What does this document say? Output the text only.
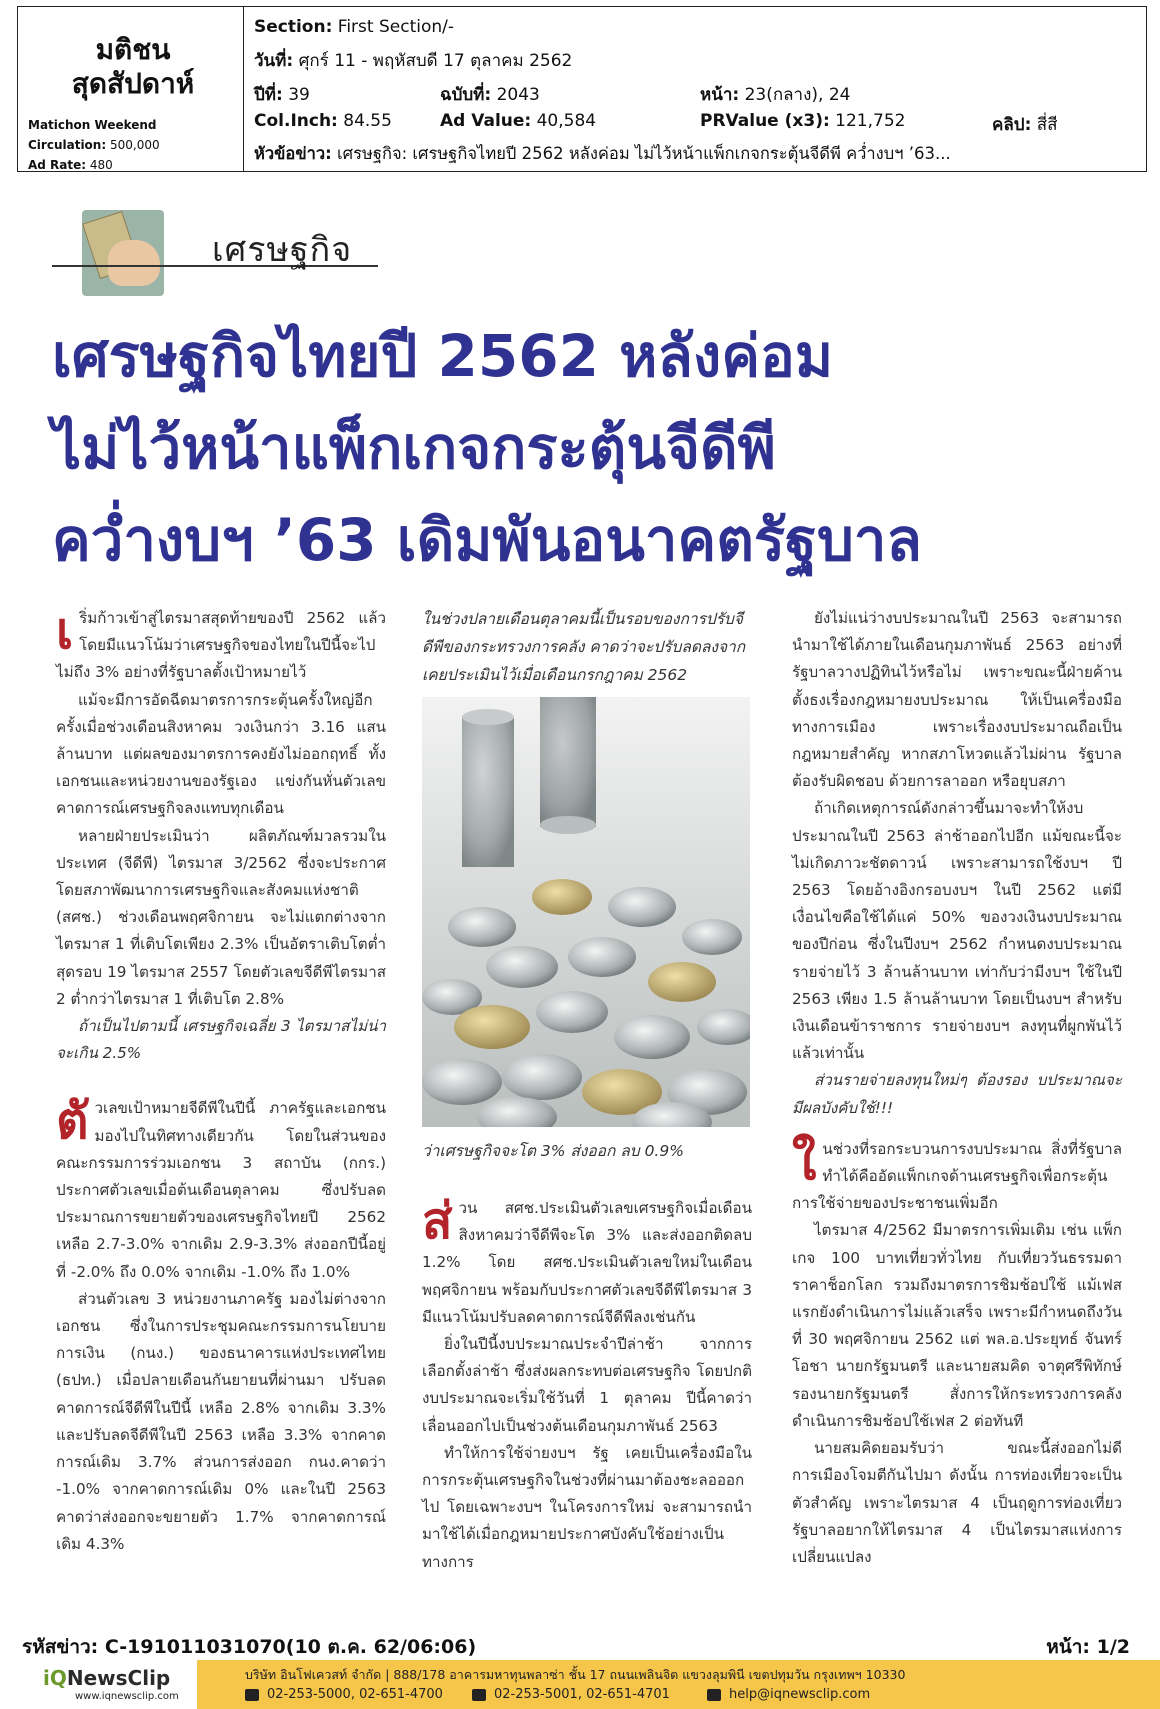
มติชน
สุดสัปดาห์
Matichon Weekend
Circulation: 500,000
Ad Rate: 480
Section: First Section/-
วันที่: ศุกร์ 11 - พฤหัสบดี 17 ตุลาคม 2562
ปีที่: 39	ฉบับที่: 2043	หน้า: 23(กลาง), 24
Col.Inch: 84.55	Ad Value: 40,584	PRValue (x3): 121,752	คลิป: สี่สี
หัวข้อข่าว: เศรษฐกิจ: เศรษฐกิจไทยปี 2562 หลังค่อม ไม่ไว้หน้าแพ็กเกจกระตุ้นจีดีพี คว่ำงบฯ ’63...
เศรษฐกิจ
เศรษฐกิจไทยปี 2562 หลังค่อม
ไม่ไว้หน้าแพ็กเกจกระตุ้นจีดีพี
คว่ำงบฯ ’63 เดิมพันอนาคตรัฐบาล

เริ่มก้าวเข้าสู่ไตรมาสสุดท้ายของปี 2562 แล้ว โดยมีแนวโน้มว่าเศรษฐกิจของไทยในปีนี้จะไปไม่ถึง 3% อย่างที่รัฐบาลตั้งเป้าหมายไว้

แม้จะมีการอัดฉีดมาตรการกระตุ้นครั้งใหญ่อีกครั้งเมื่อช่วงเดือนสิงหาคม วงเงินกว่า 3.16 แสนล้านบาท แต่ผลของมาตรการคงยังไม่ออกฤทธิ์ ทั้งเอกชนและหน่วยงานของรัฐเอง แข่งกันหั่นตัวเลขคาดการณ์เศรษฐกิจลงแทบทุกเดือน

หลายฝ่ายประเมินว่า ผลิตภัณฑ์มวลรวมในประเทศ (จีดีพี) ไตรมาส 3/2562 ซึ่งจะประกาศโดยสภาพัฒนาการเศรษฐกิจและสังคมแห่งชาติ (สศช.) ช่วงเดือนพฤศจิกายน จะไม่แตกต่างจากไตรมาส 1 ที่เติบโตเพียง 2.3% เป็นอัตราเติบโตต่ำสุดรอบ 19 ไตรมาส 2557 โดยตัวเลขจีดีพีไตรมาส 2 ต่ำกว่าไตรมาส 1 ที่เติบโต 2.8%

ถ้าเป็นไปตามนี้ เศรษฐกิจเฉลี่ย 3 ไตรมาสไม่น่าจะเกิน 2.5%

ตัวเลขเป้าหมายจีดีพีในปีนี้ ภาครัฐและเอกชนมองไปในทิศทางเดียวกัน โดยในส่วนของคณะกรรมการร่วมเอกชน 3 สถาบัน (กกร.) ประกาศตัวเลขเมื่อต้นเดือนตุลาคม ซึ่งปรับลดประมาณการขยายตัวของเศรษฐกิจไทยปี 2562 เหลือ 2.7-3.0% จากเดิม 2.9-3.3% ส่งออกปีนี้อยู่ที่ -2.0% ถึง 0.0% จากเดิม -1.0% ถึง 1.0%

ส่วนตัวเลข 3 หน่วยงานภาครัฐ มองไม่ต่างจากเอกชน ซึ่งในการประชุมคณะกรรมการนโยบายการเงิน (กนง.) ของธนาคารแห่งประเทศไทย (ธปท.) เมื่อปลายเดือนกันยายนที่ผ่านมา ปรับลดคาดการณ์จีดีพีในปีนี้ เหลือ 2.8% จากเดิม 3.3% และปรับลดจีดีพีในปี 2563 เหลือ 3.3% จากคาดการณ์เดิม 3.7% ส่วนการส่งออก กนง.คาดว่า -1.0% จากคาดการณ์เดิม 0% และในปี 2563 คาดว่าส่งออกจะขยายตัว 1.7% จากคาดการณ์เดิม 4.3%

ในช่วงปลายเดือนตุลาคมนี้เป็นรอบของการปรับจีดีพีของกระทรวงการคลัง คาดว่าจะปรับลดลงจากเคยประเมินไว้เมื่อเดือนกรกฎาคม 2562
ว่าเศรษฐกิจจะโต 3% ส่งออก ลบ 0.9%

ส่วน สศช.ประเมินตัวเลขเศรษฐกิจเมื่อเดือนสิงหาคมว่าจีดีพีจะโต 3% และส่งออกติดลบ 1.2% โดย สศช.ประเมินตัวเลขใหม่ในเดือนพฤศจิกายน พร้อมกับประกาศตัวเลขจีดีพีไตรมาส 3 มีแนวโน้มปรับลดคาดการณ์จีดีพีลงเช่นกัน

ยิ่งในปีนี้งบประมาณประจำปีล่าช้า จากการเลือกตั้งล่าช้า ซึ่งส่งผลกระทบต่อเศรษฐกิจ โดยปกติงบประมาณจะเริ่มใช้วันที่ 1 ตุลาคม ปีนี้คาดว่าเลื่อนออกไปเป็นช่วงต้นเดือนกุมภาพันธ์ 2563

ทำให้การใช้จ่ายงบฯ รัฐ เคยเป็นเครื่องมือในการกระตุ้นเศรษฐกิจในช่วงที่ผ่านมาต้องชะลอออกไป โดยเฉพาะงบฯ ในโครงการใหม่ จะสามารถนำมาใช้ได้เมื่อกฎหมายประกาศบังคับใช้อย่างเป็นทางการ

ยังไม่แน่ว่างบประมาณในปี 2563 จะสามารถนำมาใช้ได้ภายในเดือนกุมภาพันธ์ 2563 อย่างที่รัฐบาลวางปฏิทินไว้หรือไม่ เพราะขณะนี้ฝ่ายค้านตั้งธงเรื่องกฎหมายงบประมาณ ให้เป็นเครื่องมือทางการเมือง เพราะเรื่องงบประมาณถือเป็นกฎหมายสำคัญ หากสภาโหวตแล้วไม่ผ่าน รัฐบาลต้องรับผิดชอบ ด้วยการลาออก หรือยุบสภา

ถ้าเกิดเหตุการณ์ดังกล่าวขึ้นมาจะทำให้งบประมาณในปี 2563 ล่าช้าออกไปอีก แม้ขณะนี้จะไม่เกิดภาวะชัตดาวน์ เพราะสามารถใช้งบฯ ปี 2563 โดยอ้างอิงกรอบงบฯ ในปี 2562 แต่มีเงื่อนไขคือใช้ได้แค่ 50% ของวงเงินงบประมาณของปีก่อน ซึ่งในปีงบฯ 2562 กำหนดงบประมาณรายจ่ายไว้ 3 ล้านล้านบาท เท่ากับว่ามีงบฯ ใช้ในปี 2563 เพียง 1.5 ล้านล้านบาท โดยเป็นงบฯ สำหรับเงินเดือนข้าราชการ รายจ่ายงบฯ ลงทุนที่ผูกพันไว้แล้วเท่านั้น

ส่วนรายจ่ายลงทุนใหม่ๆ ต้องรอง บประมาณจะมีผลบังคับใช้!!!

ในช่วงที่รอกระบวนการงบประมาณ สิ่งที่รัฐบาลทำได้คืออัดแพ็กเกจด้านเศรษฐกิจเพื่อกระตุ้นการใช้จ่ายของประชาชนเพิ่มอีก

ไตรมาส 4/2562 มีมาตรการเพิ่มเติม เช่น แพ็กเกจ 100 บาทเที่ยวทั่วไทย กับเที่ยววันธรรมดาราคาช็อกโลก รวมถึงมาตรการชิมช้อปใช้ แม้เฟสแรกยังดำเนินการไม่แล้วเสร็จ เพราะมีกำหนดถึงวันที่ 30 พฤศจิกายน 2562 แต่ พล.อ.ประยุทธ์ จันทร์โอชา นายกรัฐมนตรี และนายสมคิด จาตุศรีพิทักษ์ รองนายกรัฐมนตรี สั่งการให้กระทรวงการคลังดำเนินการชิมช้อปใช้เฟส 2 ต่อทันที

นายสมคิดยอมรับว่า ขณะนี้ส่งออกไม่ดี การเมืองโจมตีกันไปมา ดังนั้น การท่องเที่ยวจะเป็นตัวสำคัญ เพราะไตรมาส 4 เป็นฤดูการท่องเที่ยว รัฐบาลอยากให้ไตรมาส 4 เป็นไตรมาสแห่งการเปลี่ยนแปลง

รหัสข่าว: C-191011031070(10 ต.ค. 62/06:06)	หน้า: 1/2
iQNewsClip
www.iqnewsclip.com
บริษัท อินโฟเควสท์ จำกัด | 888/178 อาคารมหาทุนพลาซ่า ชั้น 17 ถนนเพลินจิต แขวงลุมพินี เขตปทุมวัน กรุงเทพฯ 10330
02-253-5000, 02-651-4700	02-253-5001, 02-651-4701	help@iqnewsclip.com
